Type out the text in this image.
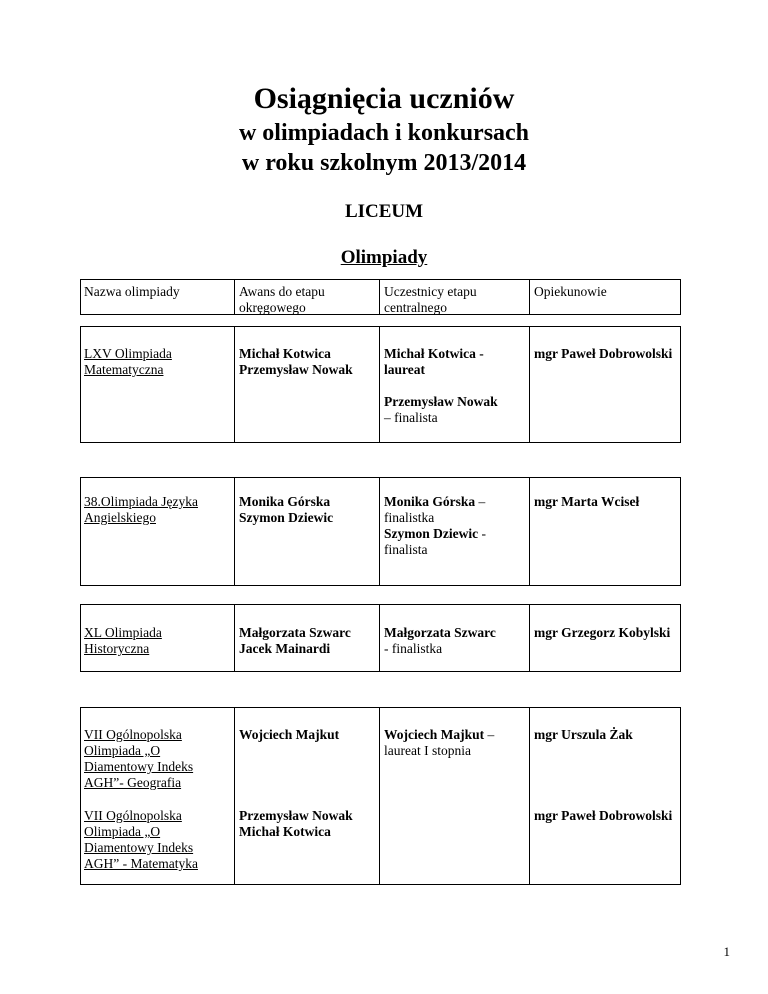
Osiągnięcia uczniów
w olimpiadach i konkursach
w roku szkolnym 2013/2014
LICEUM
Olimpiady
Nazwa olimpiady	Awans do etapu okręgowego
Uczestnicy etapu centralnego
Opiekunowie
LXV Olimpiada Matematyczna
Michał Kotwica
Przemysław Nowak
Michał Kotwica - laureat
Przemysław Nowak
– finalista
mgr Paweł Dobrowolski
38.Olimpiada Języka Angielskiego
Monika Górska
Szymon Dziewic
Monika Górska – finalistka
Szymon Dziewic - finalista
mgr Marta Wciseł
XL Olimpiada Historyczna
Małgorzata Szwarc
Jacek Mainardi
Małgorzata Szwarc
- finalistka
mgr Grzegorz Kobylski
VII Ogólnopolska Olimpiada „O Diamentowy Indeks AGH”- Geografia
Wojciech Majkut	Wojciech Majkut – laureat I stopnia
mgr Urszula Żak
VII Ogólnopolska Olimpiada „O Diamentowy Indeks AGH” - Matematyka
Przemysław Nowak
Michał Kotwica
mgr Paweł Dobrowolski
1
